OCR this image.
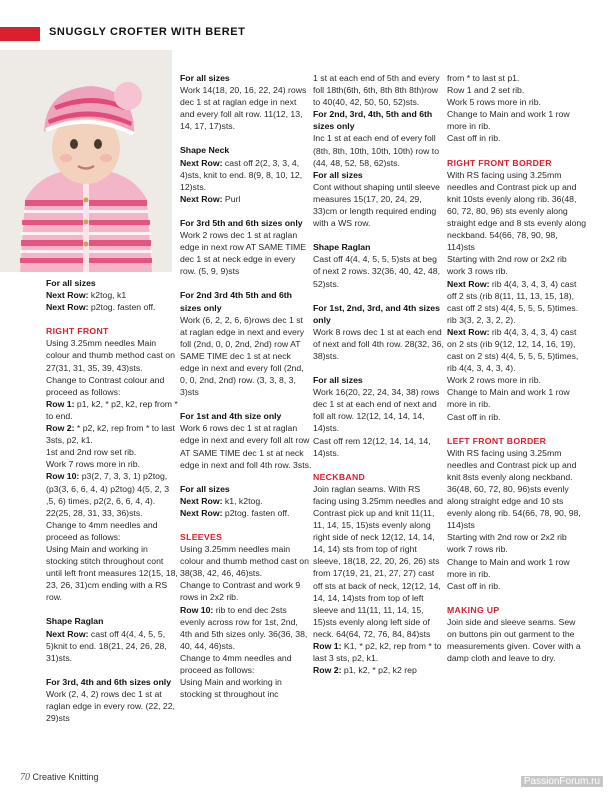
SNUGGLY CROFTER WITH BERET

For all sizes

Next Row: k2tog, k1

Next Row: p2tog. fasten off.

RIGHT FRONT

Using 3.25mm needles Main colour and thumb method cast on 27(31, 31, 35, 39, 43)sts.

Change to Contrast colour and proceed as follows:

Row 1: p1, k2, * p2, k2, rep from * to end.

Row 2: * p2, k2, rep from * to last 3sts, p2, k1.

1st and 2nd row set rib.

Work 7 rows more in rib.

Row 10: p3(2, 7, 3, 3, 1) p2tog, (p3(3, 6, 6, 4, 4) p2tog) 4(5, 2, 3 ,5, 6) times, p2(2, 6, 6, 4, 4). 22(25, 28, 31, 33, 36)sts.

Change to 4mm needles and proceed as follows:

Using Main and working in stocking stitch throughout cont until left front measures 12(15, 18, 23, 26, 31)cm ending with a RS row.

Shape Raglan

Next Row: cast off 4(4, 4, 5, 5, 5)knit to end. 18(21, 24, 26, 28, 31)sts.

For 3rd, 4th and 6th sizes only

Work (2, 4, 2) rows dec 1 st at raglan edge in every row. (22, 22, 29)sts

For all sizes

Work 14(18, 20, 16, 22, 24) rows dec 1 st at raglan edge in next and every foll alt row. 11(12, 13, 14, 17, 17)sts.

Shape Neck

Next Row: cast off 2(2, 3, 3, 4, 4)sts, knit to end. 8(9, 8, 10, 12, 12)sts.

Next Row: Purl

For 3rd 5th and 6th sizes only

Work 2 rows dec 1 st at raglan edge in next row AT SAME TIME dec 1 st at neck edge in every row. (5, 9, 9)sts

For 2nd 3rd 4th 5th and 6th sizes only

Work (6, 2, 2, 6, 6)rows dec 1 st at raglan edge in next and every foll (2nd, 0, 0, 2nd, 2nd) row AT SAME TIME dec 1 st at neck edge in next and every foll (2nd, 0, 0, 2nd, 2nd) row. (3, 3, 8, 3, 3)sts

For 1st and 4th size only

Work 6 rows dec 1 st at raglan edge in next and every foll alt row AT SAME TIME dec 1 st at neck edge in next and foll 4th row. 3sts.

For all sizes

Next Row: k1, k2tog.

Next Row: p2tog. fasten off.

SLEEVES

Using 3.25mm needles main colour and thumb method cast on 38(38, 42, 46, 46)sts.

Change to Contrast and work 9 rows in 2x2 rib.

Row 10: rib to end dec 2sts evenly across row for 1st, 2nd, 4th and 5th sizes only. 36(36, 38, 40, 44, 46)sts.

Change to 4mm needles and proceed as follows:

Using Main and working in stocking st throughout inc

1 st at each end of 5th and every foll 18th(6th, 6th, 8th 8th 8th)row to 40(40, 42, 50, 50, 52)sts.

For 2nd, 3rd, 4th, 5th and 6th sizes only

Inc 1 st at each end of every foll (8th, 8th, 10th, 10th, 10th) row to (44, 48, 52, 58, 62)sts.

For all sizes

Cont without shaping until sleeve measures 15(17, 20, 24, 29, 33)cm or length required ending with a WS row.

Shape Raglan

Cast off 4(4, 4, 5, 5, 5)sts at beg of next 2 rows. 32(36, 40, 42, 48, 52)sts.

For 1st, 2nd, 3rd, and 4th sizes only

Work 8 rows dec 1 st at each end of next and foll 4th row. 28(32, 36, 38)sts.

For all sizes

Work 16(20, 22, 24, 34, 38) rows dec 1 st at each end of next and foll alt row. 12(12, 14, 14, 14, 14)sts.

Cast off rem 12(12, 14, 14, 14, 14)sts.

NECKBAND

Join raglan seams. With RS facing using 3.25mm needles and Contrast pick up and knit 11(11, 11, 14, 15, 15)sts evenly along right side of neck 12(12, 14, 14, 14, 14) sts from top of right sleeve, 18(18, 22, 20, 26, 26) sts from 17(19, 21, 21, 27, 27) cast off sts at back of neck, 12(12, 14, 14, 14, 14)sts from top of left sleeve and 11(11, 11, 14, 15, 15)sts evenly along left side of neck. 64(64, 72, 76, 84, 84)sts

Row 1: K1, * p2, k2, rep from * to last 3 sts, p2, k1.

Row 2: p1, k2, * p2, k2 rep

from * to last st p1.

Row 1 and 2 set rib.

Work 5 rows more in rib.

Change to Main and work 1 row more in rib.

Cast off in rib.

RIGHT FRONT BORDER

With RS facing using 3.25mm needles and Contrast pick up and knit 10sts evenly along rib. 36(48, 60, 72, 80, 96) sts evenly along straight edge and 8 sts evenly along neckband. 54(66, 78, 90, 98, 114)sts

Starting with 2nd row or 2x2 rib work 3 rows rib.

Next Row: rib 4(4, 3, 4, 3, 4) cast off 2 sts (rib 8(11, 11, 13, 15, 18), cast off 2 sts) 4(4, 5, 5, 5, 5)times. rib 3(3, 2, 3, 2, 2).

Next Row: rib 4(4, 3, 4, 3, 4) cast on 2 sts (rib 9(12, 12, 14, 16, 19), cast on 2 sts) 4(4, 5, 5, 5, 5)times, rib 4(4, 3, 4, 3, 4).

Work 2 rows more in rib.

Change to Main and work 1 row more in rib.

Cast off in rib.

LEFT FRONT BORDER

With RS facing using 3.25mm needles and Contrast pick up and knit 8sts evenly along neckband. 36(48, 60, 72, 80, 96)sts evenly along straight edge and 10 sts evenly along rib. 54(66, 78, 90, 98, 114)sts

Starting with 2nd row or 2x2 rib work 7 rows rib.

Change to Main and work 1 row more in rib.

Cast off in rib.

MAKING UP

Join side and sleeve seams. Sew on buttons pin out garment to the measurements given. Cover with a damp cloth and leave to dry.

70 Creative Knitting	PassionForum.ru
